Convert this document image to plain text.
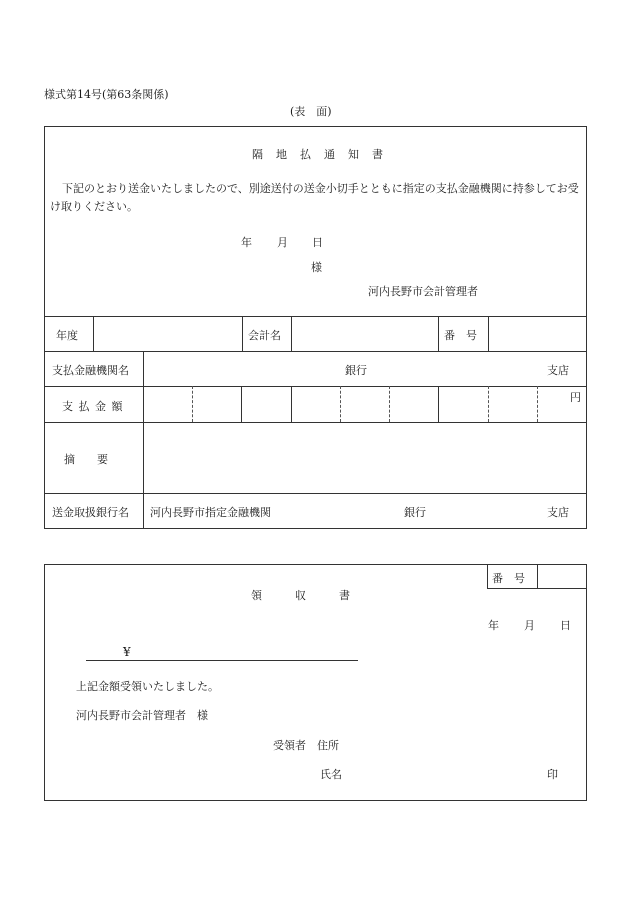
様式第14号(第63条関係)
(表　面)
隔　地　払　通　知　書
下記のとおり送金いたしましたので、別途送付の送金小切手とともに指定の支払金融機関に持参してお受け取りください。
年 月 日
様
河内長野市会計管理者
年度	会計名	番　号
支払金融機関名	銀行	支店
支 払 金 額
円
摘　　要
送金取扱銀行名 河内長野市指定金融機関	銀行	支店
番　号
領　　　収　　　書
年 月 日
¥
上記金額受領いたしました。
河内長野市会計管理者　様
受領者　住所
氏名	印
